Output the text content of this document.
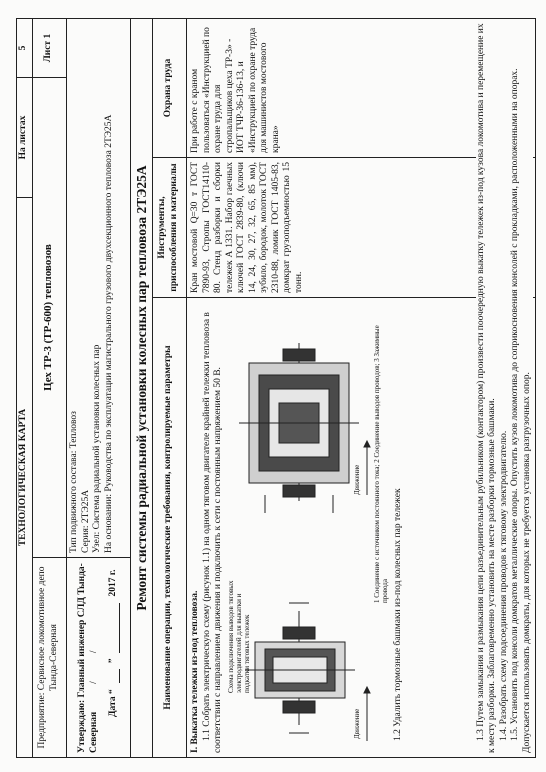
ТЕХНОЛОГИЧЕСКАЯ КАРТА
На листах
5
Предприятие: Сервисное локомотивное депо Тында-Северная
Цех ТР-3 (ТР-600) тепловозов
Лист 1
Утверждаю: Главный инженер СЛД Тында- Северная
/
/
Дата “
”
2017 г.
Тип подвижного состава: Тепловоз Серия: 2ТЭ25А Узел: Система радиальной установки колесных пар На основании: Руководства по эксплуатации магистрального грузового двухсекционного тепловоза 2ТЭ25А Ремонт системы радиальной установки колесных пар тепловоза 2ТЭ25А	Наименование операции, технологические требования, контролируемые параметры
Инструменты, приспособления и материалы
Охрана труда
I. Выкатка тележки из-под тепловоза. 1.1 Собрать электрическую схему (рисунок 1.1) на одном тяговом двигателе крайней тележки тепловоза в соответствии с направлением движения и подключить к сети с постоянным напряжением 50 В. Схема подключения выводов тяговых электродвигателей для выкатки и подкатки тяговых тележек
Движение
Движение 1 Соединение с источником постоянного тока; 2 Соединение выводов проводов; 3 Зажимные провода 1.2 Удалить тормозные башмаки из-под колесных пар тележек
Кран мостовой Q=30 т ГОСТ 7890-93, Стропы ГОСТ14110-80. Стенд разборки и сборки тележек А 1331. Набор гаечных ключей ГОСТ 2839-80, (ключи 14, 24, 30, 27, 32, 65, 85 мм), зубило, бородок, молоток ГОСТ 2310-88, ломик ГОСТ 1405-83, домкрат грузоподъемностью 15 тонн.
При работе с краном пользоваться «Инструкцией по охране труда для стропальщиков цеха ТР-3» - ИОТ ТЧР-36-136-13, и «Инструкцией по охране труда для машинистов мостового крана»	1.3 Путем замыкания и размыкания цепи разъединительным рубильником (контактором) произвести поочередную выкатку тележек из-под кузова локомотива и перемещение их к месту разборки. Заблаговременно установить на месте разборки тормозные башмаки. 1.4. Разобрать схему подсоединения проводов к тяговому электродвигателю. 1.5. Установить под консоли домкратов металлические опоры. Опустить кузов локомотива до соприкосновения консолей с прокладками, расположенными на опорах. Допускается использовать домкраты, для которых не требуется установка разгрузочных опор.
